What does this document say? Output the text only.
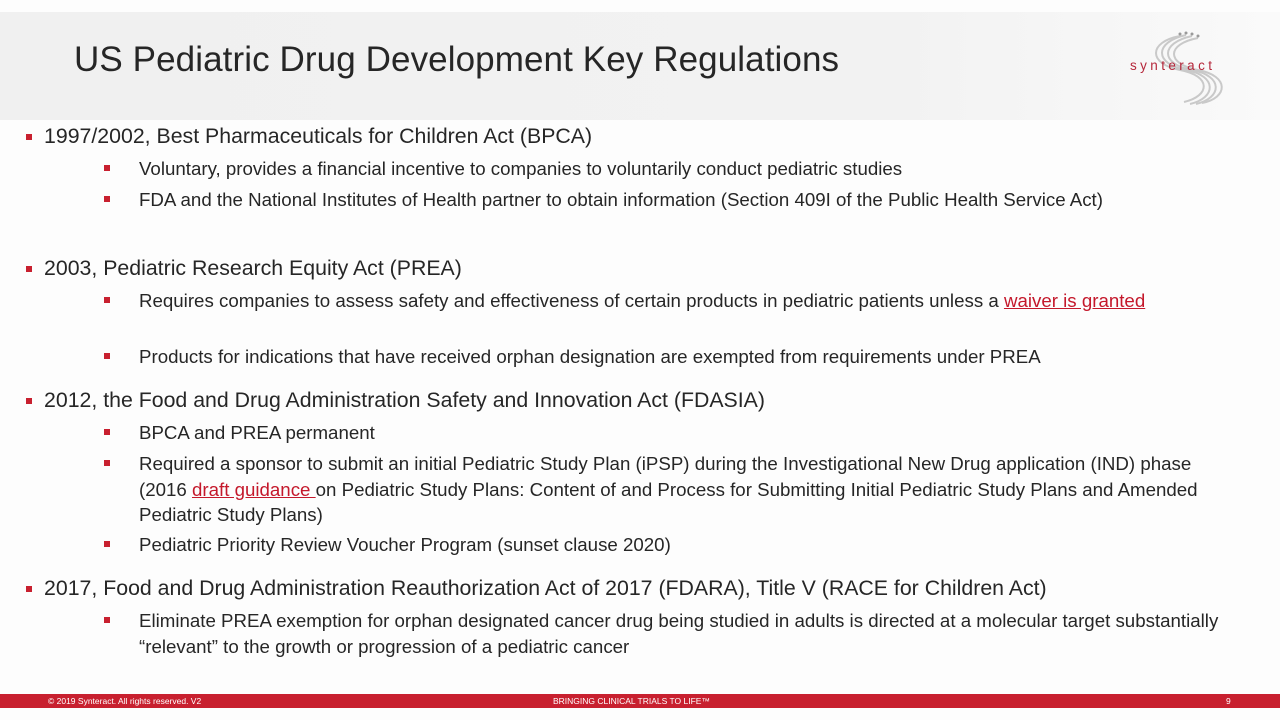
US Pediatric Drug Development Key Regulations	synteract
1997/2002, Best Pharmaceuticals for Children Act (BPCA)
Voluntary, provides a financial incentive to companies to voluntarily conduct pediatric studies
FDA and the National Institutes of Health partner to obtain information (Section 409I of the Public Health Service Act)
2003, Pediatric Research Equity Act (PREA)
Requires companies to assess safety and effectiveness of certain products in pediatric patients unless a waiver is granted
Products for indications that have received orphan designation are exempted from requirements under PREA
2012, the Food and Drug Administration Safety and Innovation Act (FDASIA)
BPCA and PREA permanent
Required a sponsor to submit an initial Pediatric Study Plan (iPSP) during the Investigational New Drug application (IND) phase (2016 draft guidance on Pediatric Study Plans: Content of and Process for Submitting Initial Pediatric Study Plans and Amended Pediatric Study Plans)
Pediatric Priority Review Voucher Program (sunset clause 2020)
2017, Food and Drug Administration Reauthorization Act of 2017 (FDARA), Title V (RACE for Children Act)
Eliminate PREA exemption for orphan designated cancer drug being studied in adults is directed at a molecular target substantially “relevant” to the growth or progression of a pediatric cancer
© 2019 Synteract. All rights reserved. V2	BRINGING CLINICAL TRIALS TO LIFE™	9
